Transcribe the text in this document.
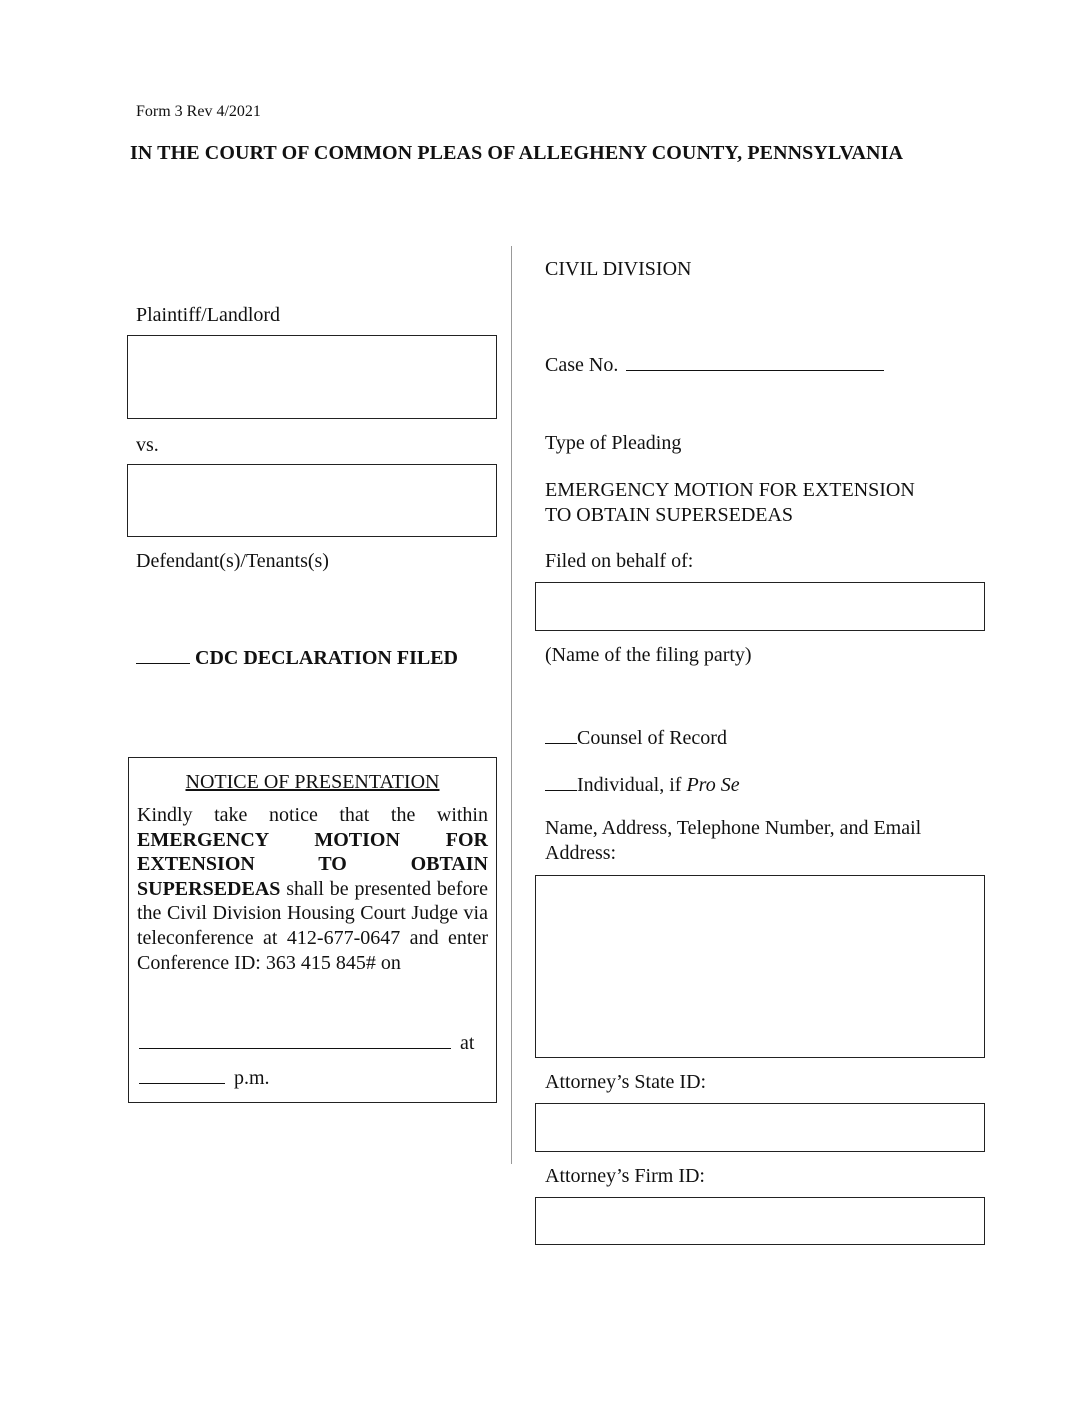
Form 3 Rev 4/2021
IN THE COURT OF COMMON PLEAS OF ALLEGHENY COUNTY, PENNSYLVANIA
Plaintiff/Landlord
vs.
Defendant(s)/Tenants(s)
CDC DECLARATION FILED
NOTICE OF PRESENTATION
Kindly take notice that the within EMERGENCY MOTION FOR EXTENSION TO OBTAIN SUPERSEDEAS shall be presented before the Civil Division Housing Court Judge via teleconference at 412-677-0647 and enter Conference ID: 363 415 845# on
at
p.m.
CIVIL DIVISION
Case No.
Type of Pleading
EMERGENCY MOTION FOR EXTENSION
TO OBTAIN SUPERSEDEAS
Filed on behalf of:
(Name of the filing party)
Counsel of Record
Individual, if Pro Se
Name, Address, Telephone Number, and Email
Address:
Attorney’s State ID:
Attorney’s Firm ID:
